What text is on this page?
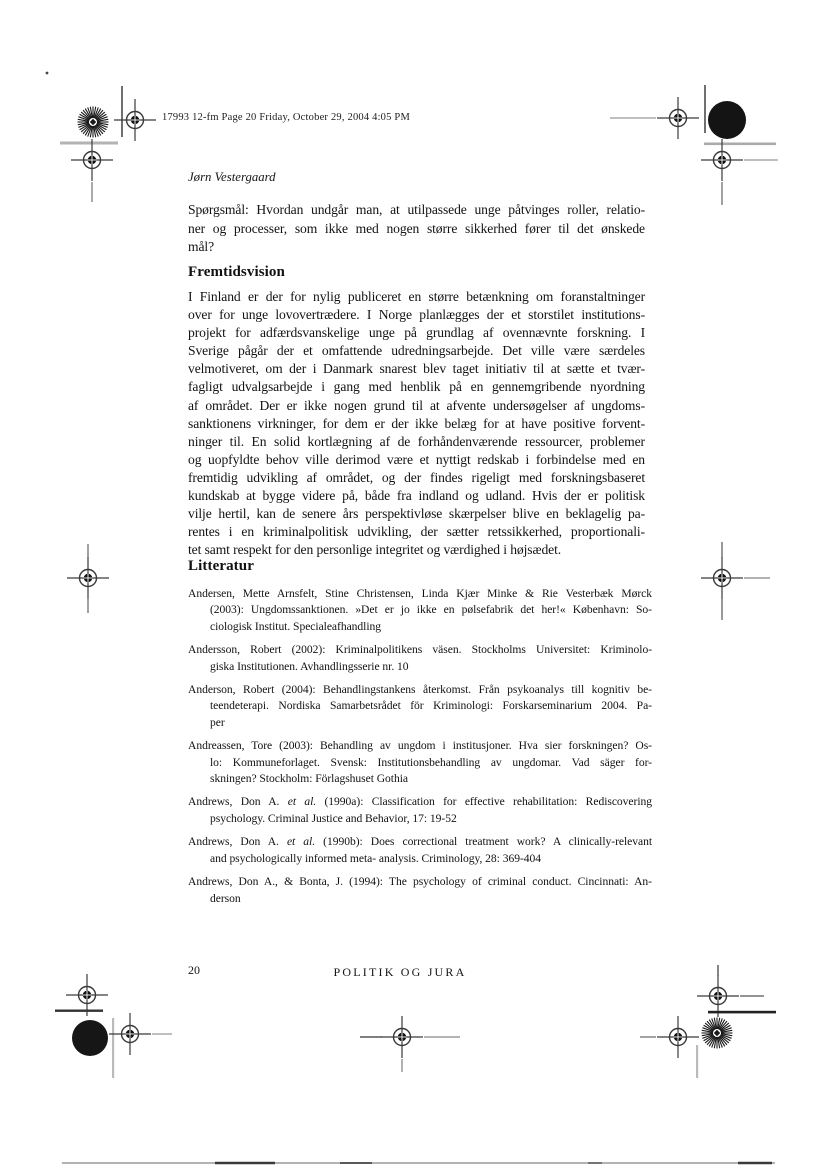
17993 12-fm Page 20 Friday, October 29, 2004 4:05 PM
Jørn Vestergaard
Spørgsmål: Hvordan undgår man, at utilpassede unge påtvinges roller, relatio-
ner og processer, som ikke med nogen større sikkerhed fører til det ønskede
mål?
Fremtidsvision
I Finland er der for nylig publiceret en større betænkning om foranstaltninger
over for unge lovovertrædere. I Norge planlægges der et storstilet institutions-
projekt for adfærdsvanskelige unge på grundlag af ovennævnte forskning. I
Sverige pågår der et omfattende udredningsarbejde. Det ville være særdeles
velmotiveret, om der i Danmark snarest blev taget initiativ til at sætte et tvær-
fagligt udvalgsarbejde i gang med henblik på en gennemgribende nyordning
af området. Der er ikke nogen grund til at afvente undersøgelser af ungdoms-
sanktionens virkninger, for dem er der ikke belæg for at have positive forvent-
ninger til. En solid kortlægning af de forhåndenværende ressourcer, problemer
og uopfyldte behov ville derimod være et nyttigt redskab i forbindelse med en
fremtidig udvikling af området, og der findes rigeligt med forskningsbaseret
kundskab at bygge videre på, både fra indland og udland. Hvis der er politisk
vilje hertil, kan de senere års perspektivløse skærpelser blive en beklagelig pa-
rentes i en kriminalpolitisk udvikling, der sætter retssikkerhed, proportionali-
tet samt respekt for den personlige integritet og værdighed i højsædet.
Litteratur
Andersen, Mette Arnsfelt, Stine Christensen, Linda Kjær Minke & Rie Vesterbæk Mørck
(2003): Ungdomssanktionen. »Det er jo ikke en pølsefabrik det her!« København: So-
ciologisk Institut. Specialeafhandling
Andersson, Robert (2002): Kriminalpolitikens väsen. Stockholms Universitet: Kriminolo-
giska Institutionen. Avhandlingsserie nr. 10
Anderson, Robert (2004): Behandlingstankens återkomst. Från psykoanalys till kognitiv be-
teendeterapi. Nordiska Samarbetsrådet för Kriminologi: Forskarseminarium 2004. Pa-
per
Andreassen, Tore (2003): Behandling av ungdom i institusjoner. Hva sier forskningen? Os-
lo: Kommuneforlaget. Svensk: Institutionsbehandling av ungdomar. Vad säger for-
skningen? Stockholm: Förlagshuset Gothia
Andrews, Don A. et al. (1990a): Classification for effective rehabilitation: Rediscovering
psychology. Criminal Justice and Behavior, 17: 19-52
Andrews, Don A. et al. (1990b): Does correctional treatment work? A clinically-relevant
and psychologically informed meta- analysis. Criminology, 28: 369-404
Andrews, Don A., & Bonta, J. (1994): The psychology of criminal conduct. Cincinnati: An-
derson
20	POLITIK OG JURA
